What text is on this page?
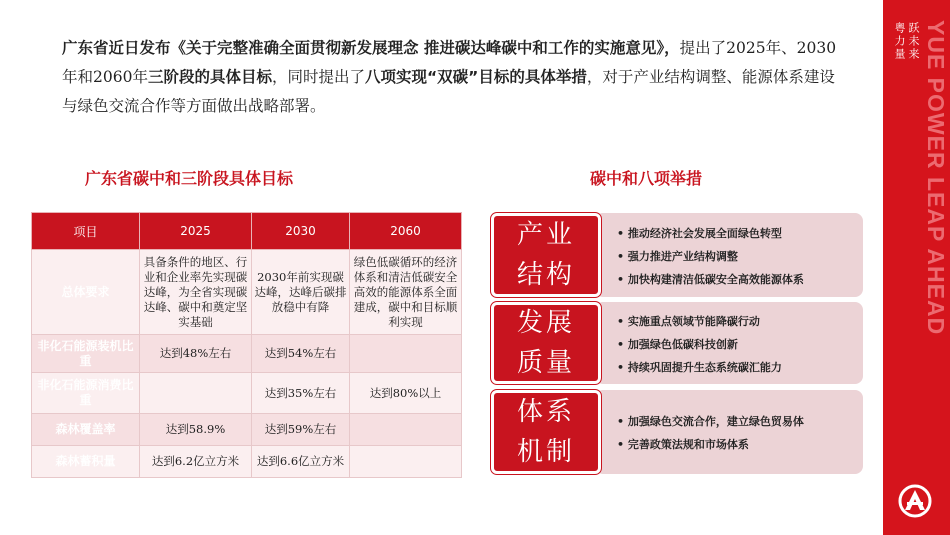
广东省近日发布《关于完整准确全面贯彻新发展理念 推进碳达峰碳中和工作的实施意见》，提出了2025年、2030年和2060年三阶段的具体目标，同时提出了八项实现“双碳”目标的具体举措，对于产业结构调整、能源体系建设与绿色交流合作等方面做出战略部署。
广东省碳中和三阶段具体目标
项目	2025	2030	2060
总体要求	具备条件的地区、行业和企业率先实现碳达峰，为全省实现碳达峰、碳中和奠定坚实基础	2030年前实现碳达峰，达峰后碳排放稳中有降	绿色低碳循环的经济体系和清洁低碳安全高效的能源体系全面建成，碳中和目标顺利实现
非化石能源装机比重	达到48%左右	达到54%左右	
非化石能源消费比重		达到35%左右	达到80%以上
森林覆盖率	达到58.9%	达到59%左右	
森林蓄积量	达到6.2亿立方米	达到6.6亿立方米	
碳中和八项举措
• 推动经济社会发展全面绿色转型
• 强力推进产业结构调整
• 加快构建清洁低碳安全高效能源体系
产业
结构
• 实施重点领域节能降碳行动
• 加强绿色低碳科技创新
• 持续巩固提升生态系统碳汇能力
发展
质量
• 加强绿色交流合作，建立绿色贸易体
• 完善政策法规和市场体系
体系
机制
粤力量 跃未来 YUE POWER LEAP AHEAD
